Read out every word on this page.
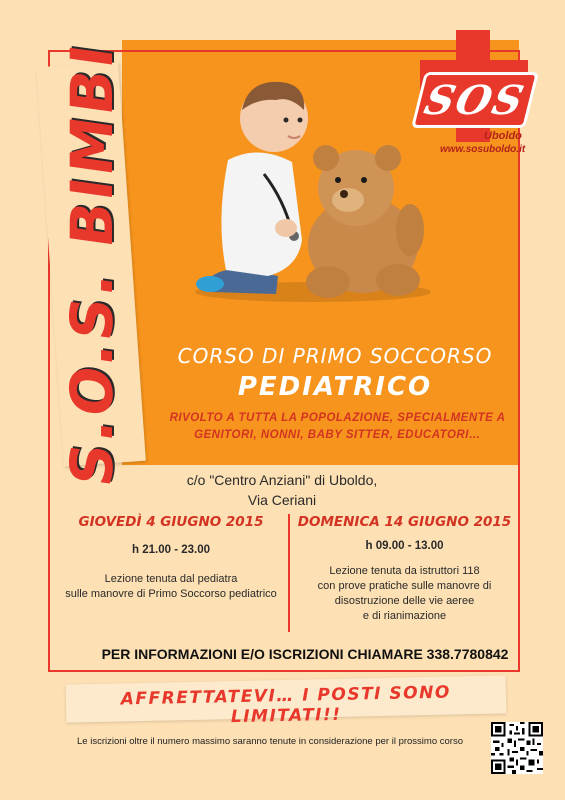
S.O.S. BIMBI	SOS
Uboldo
www.sosuboldo.it
CORSO DI PRIMO SOCCORSO
PEDIATRICO
RIVOLTO A TUTTA LA POPOLAZIONE, SPECIALMENTE A
GENITORI, NONNI, BABY SITTER, EDUCATORI…
c/o "Centro Anziani" di Uboldo,
Via Ceriani
GIOVEDÌ 4 GIUGNO 2015
h 21.00 - 23.00
Lezione tenuta dal pediatra
sulle manovre di Primo Soccorso pediatrico
DOMENICA 14 GIUGNO 2015
h 09.00 - 13.00
Lezione tenuta da istruttori 118
con prove pratiche sulle manovre di
disostruzione delle vie aeree
e di rianimazione
PER INFORMAZIONI E/O ISCRIZIONI CHIAMARE 338.7780842
AFFRETTATEVI… I POSTI SONO LIMITATI!!
Le iscrizioni oltre il numero massimo saranno tenute in considerazione per il prossimo corso
